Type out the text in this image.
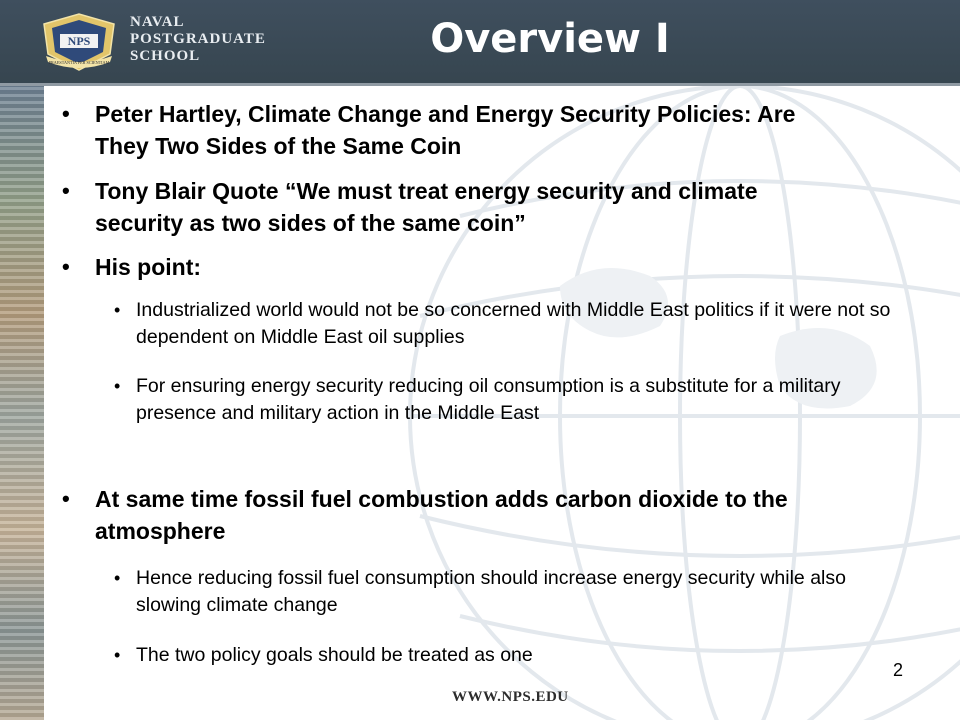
NPS
PRAESTANTIA PER SCIENTIAM
NAVAL
POSTGRADUATE
SCHOOL	Overview I
• Peter Hartley, Climate Change and Energy Security Policies: Are They Two Sides of the Same Coin
• Tony Blair Quote “We must treat energy security and climate security as two sides of the same coin”
• His point:
• Industrialized world would not be so concerned with Middle East politics if it were not so dependent on Middle East oil supplies
• For ensuring energy security reducing oil consumption is a substitute for a military presence and military action in the Middle East
• At same time fossil fuel combustion adds carbon dioxide to the atmosphere
• Hence reducing fossil fuel consumption should increase energy security while also slowing climate change
• The two policy goals should be treated as one
WWW.NPS.EDU
2
